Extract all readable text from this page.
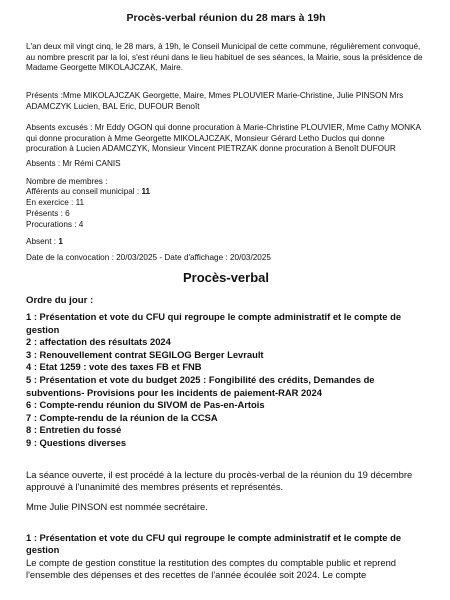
Procès-verbal réunion du 28 mars à 19h
L'an deux mil vingt cinq, le 28 mars, à 19h, le Conseil Municipal de cette commune, régulièrement convoqué, au nombre prescrit par la loi, s'est réuni dans le lieu habituel de ses séances, la Mairie, sous la présidence de Madame Georgette MIKOLAJCZAK, Maire.
Présents :Mme MIKOLAJCZAK Georgette, Maire, Mmes PLOUVIER Marie-Christine, Julie PINSON Mrs ADAMCZYK Lucien, BAL Eric, DUFOUR Benoît
Absents excusés : Mr Eddy OGON qui donne procuration à Marie-Christine PLOUVIER, Mme Cathy MONKA qui donne procuration à Mme Georgette MIKOLAJCZAK, Monsieur Gérard Letho Duclos qui donne procuration à Lucien ADAMCZYK, Monsieur Vincent PIETRZAK donne procuration à Benoît DUFOUR
Absents : Mr Rémi CANIS
Nombre de membres :
Afférents au conseil municipal : 11
En exercice : 11
Présents : 6
Procurations : 4
Absent : 1
Date de la convocation : 20/03/2025 - Date d'affichage : 20/03/2025
Procès-verbal
Ordre du jour :
1 : Présentation et vote du CFU qui regroupe le compte administratif et le compte de gestion
2 : affectation des résultats 2024
3 : Renouvellement contrat SEGILOG Berger Levrault
4 : Etat 1259 : vote des taxes FB et FNB
5 : Présentation et vote du budget 2025 : Fongibilité des crédits, Demandes de subventions- Provisions pour les incidents de paiement-RAR 2024
6 : Compte-rendu réunion du SIVOM de Pas-en-Artois
7 : Compte-rendu de la réunion de la CCSA
8 : Entretien du fossé
9 : Questions diverses
La séance ouverte, il est procédé à la lecture du procès-verbal de la réunion du 19 décembre approuvé à l'unanimité des membres présents et représentés.
Mme Julie PINSON est nommée secrétaire.
1 : Présentation et vote du CFU qui regroupe le compte administratif et le compte de gestion
Le compte de gestion constitue la restitution des comptes du comptable public et reprend l'ensemble des dépenses et des recettes de l'année écoulée soit 2024. Le compte
